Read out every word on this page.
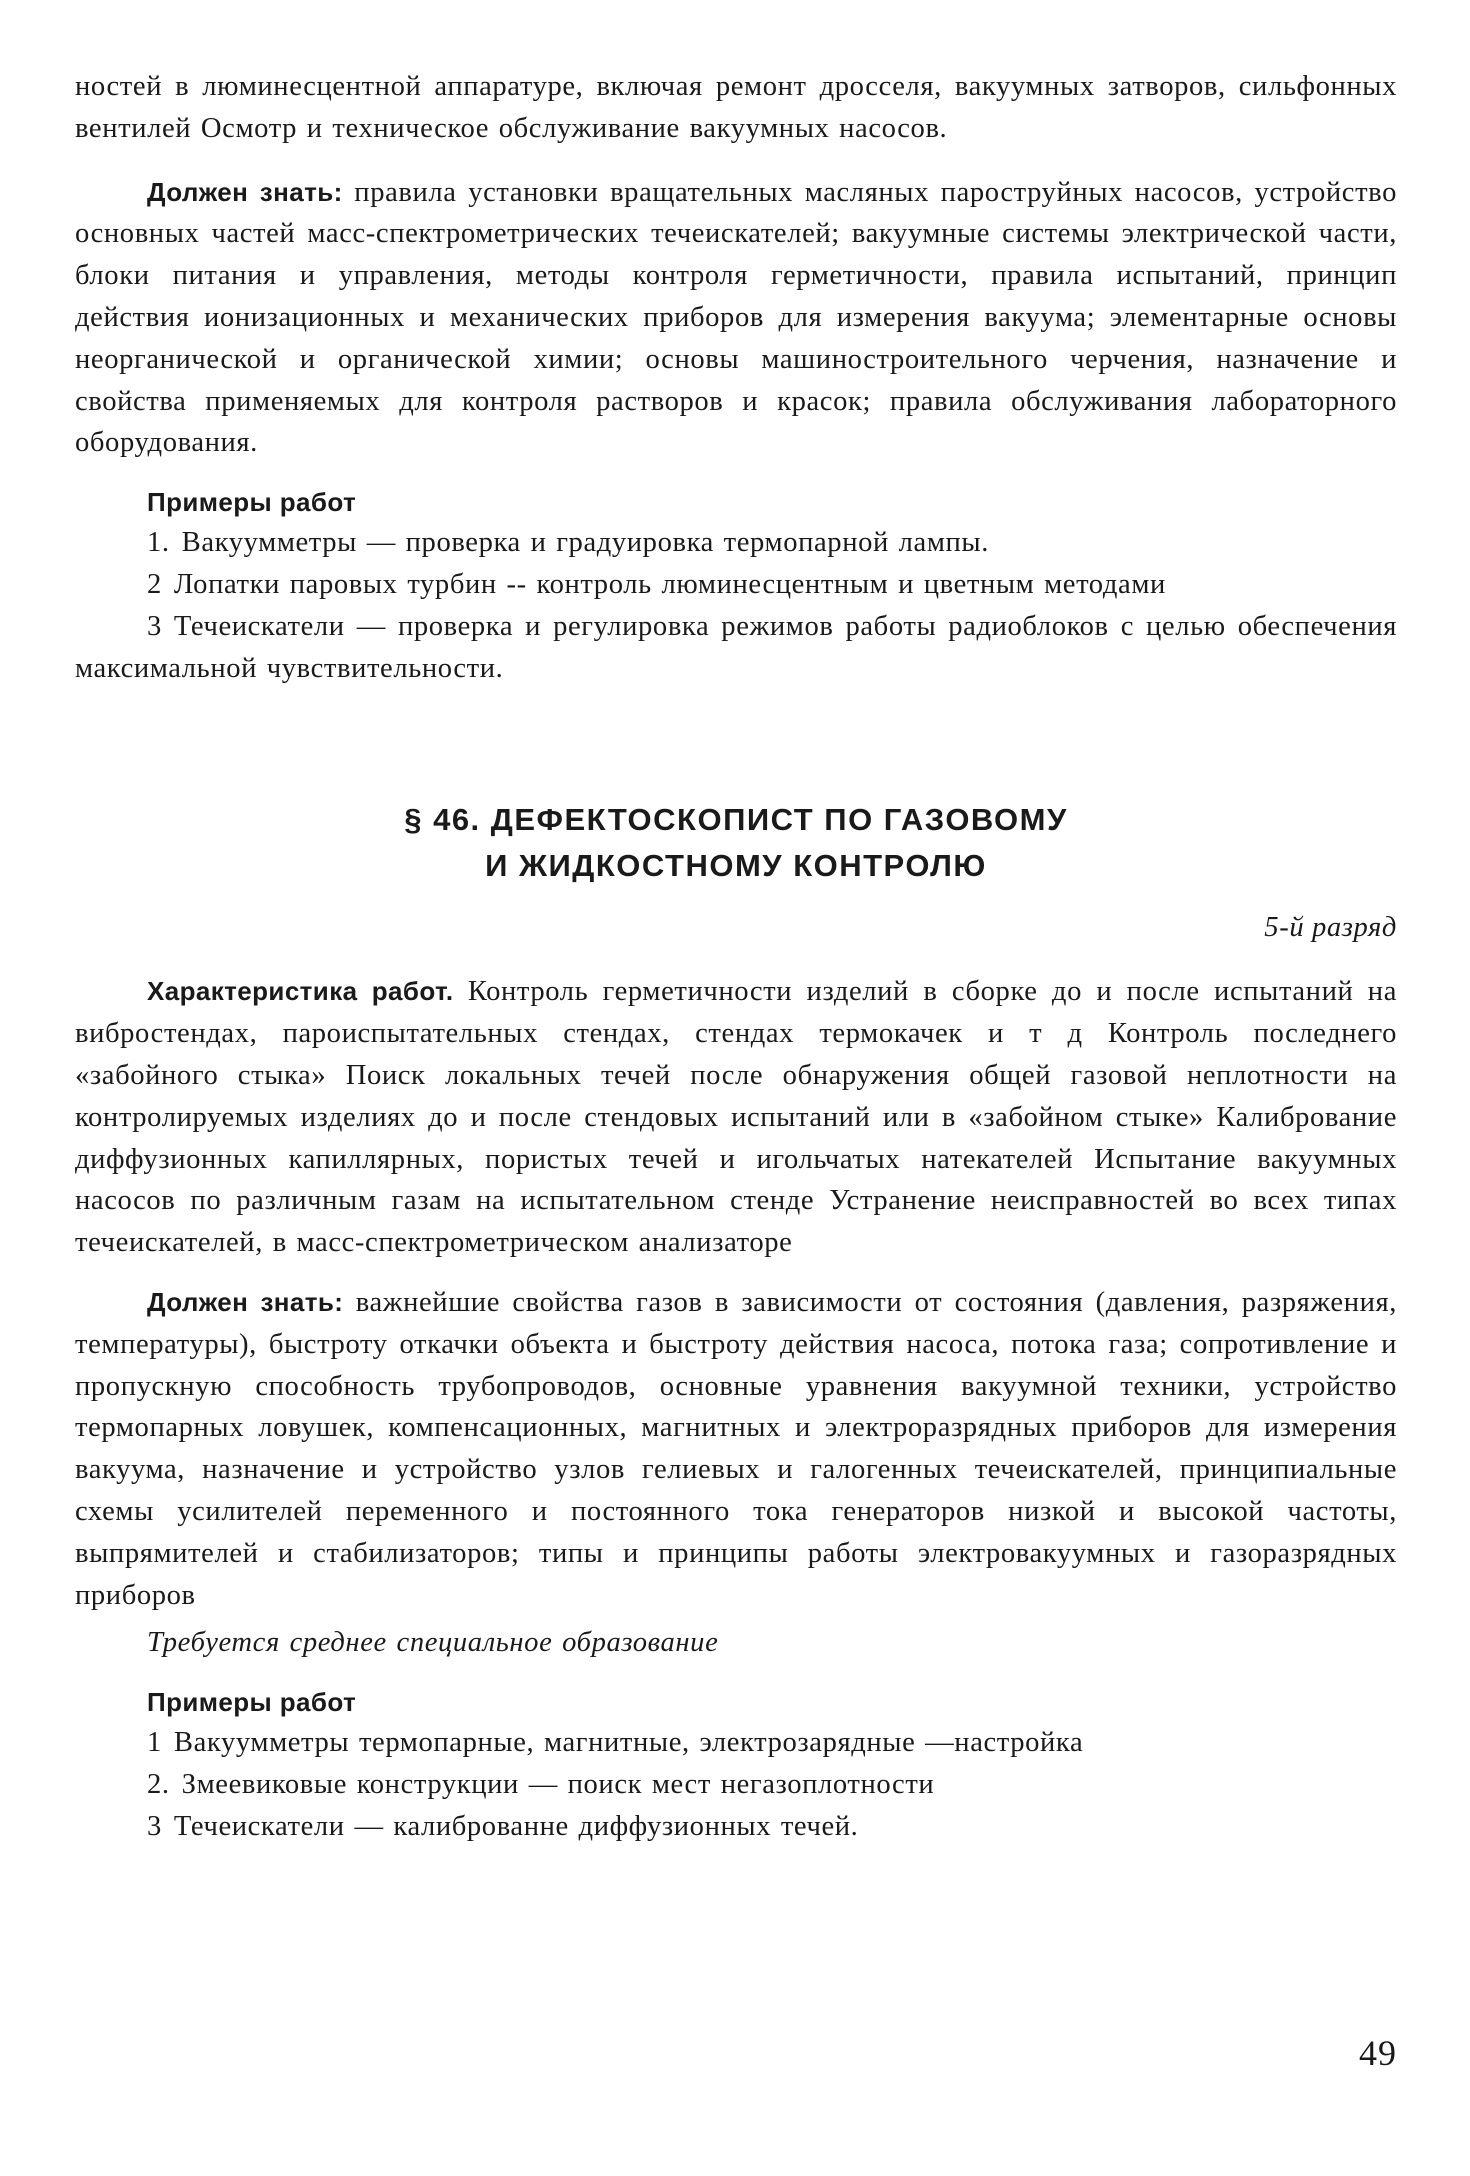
ностей в люминесцентной аппаратуре, включая ремонт дросселя, вакуумных затворов, сильфонных вентилей Осмотр и техническое обслуживание вакуумных насосов.

Должен знать: правила установки вращательных масляных пароструйных насосов, устройство основных частей масс-спектрометрических течеискателей; вакуумные системы электрической части, блоки питания и управления, методы контроля герметичности, правила испытаний, принцип действия ионизационных и механических приборов для измерения вакуума; элементарные основы неорганической и органической химии; основы машиностроительного черчения, назначение и свойства применяемых для контроля растворов и красок; правила обслуживания лабораторного оборудования.

Примеры работ

1. Вакуумметры — проверка и градуировка термопарной лампы.
2 Лопатки паровых турбин -- контроль люминесцентным и цветным методами
3 Течеискатели — проверка и регулировка режимов работы радиоблоков с целью обеспечения максимальной чувствительности.

§ 46. ДЕФЕКТОСКОПИСТ ПО ГАЗОВОМУ

И ЖИДКОСТНОМУ КОНТРОЛЮ

5-й разряд

Характеристика работ. Контроль герметичности изделий в сборке до и после испытаний на вибростендах, пароиспытательных стендах, стендах термокачек и т д Контроль последнего «забойного стыка» Поиск локальных течей после обнаружения общей газовой неплотности на контролируемых изделиях до и после стендовых испытаний или в «забойном стыке» Калибрование диффузионных капиллярных, пористых течей и игольчатых натекателей Испытание вакуумных насосов по различным газам на испытательном стенде Устранение неисправностей во всех типах течеискателей, в масс-спектрометрическом анализаторе

Должен знать: важнейшие свойства газов в зависимости от состояния (давления, разряжения, температуры), быстроту откачки объекта и быстроту действия насоса, потока газа; сопротивление и пропускную способность трубопроводов, основные уравнения вакуумной техники, устройство термопарных ловушек, компенсационных, магнитных и электроразрядных приборов для измерения вакуума, назначение и устройство узлов гелиевых и галогенных течеискателей, принципиальные схемы усилителей переменного и постоянного тока генераторов низкой и высокой частоты, выпрямителей и стабилизаторов; типы и принципы работы электровакуумных и газоразрядных приборов

Требуется среднее специальное образование

Примеры работ

1 Вакуумметры термопарные, магнитные, электрозарядные —настройка
2. Змеевиковые конструкции — поиск мест негазоплотности
3 Течеискатели — калиброванне диффузионных течей.
49
